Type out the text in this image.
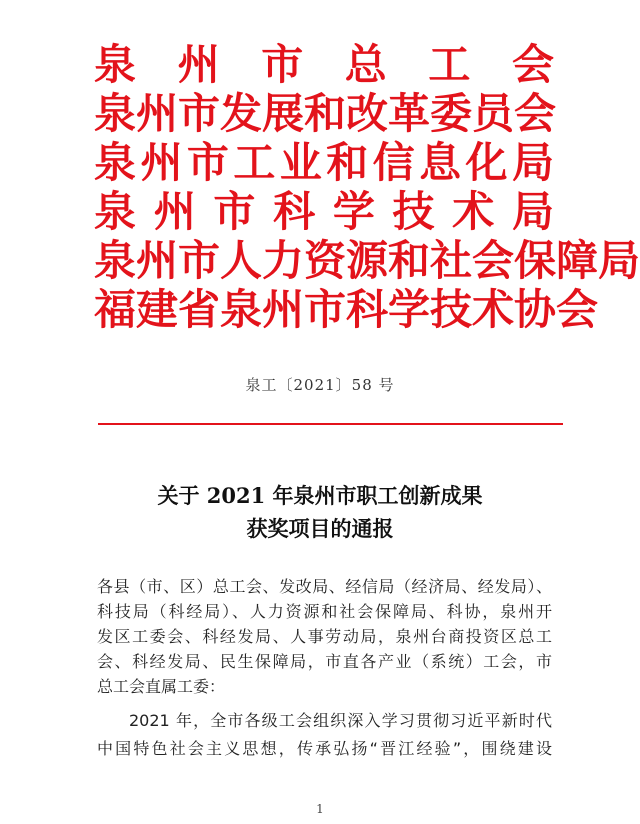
泉州市总工会
泉州市发展和改革委员会
泉州市工业和信息化局
泉州市科学技术局
泉州市人力资源和社会保障局
福建省泉州市科学技术协会
泉工〔2021〕58 号
关于 2021 年泉州市职工创新成果
获奖项目的通报

各县（市、区）总工会、发改局、经信局（经济局、经发局）、

科技局（科经局）、人力资源和社会保障局、科协，泉州开

发区工委会、科经发局、人事劳动局，泉州台商投资区总工

会、科经发局、民生保障局，市直各产业（系统）工会，市

总工会直属工委：

2021 年，全市各级工会组织深入学习贯彻习近平新时代

中国特色社会主义思想，传承弘扬“晋江经验”，围绕建设

1
